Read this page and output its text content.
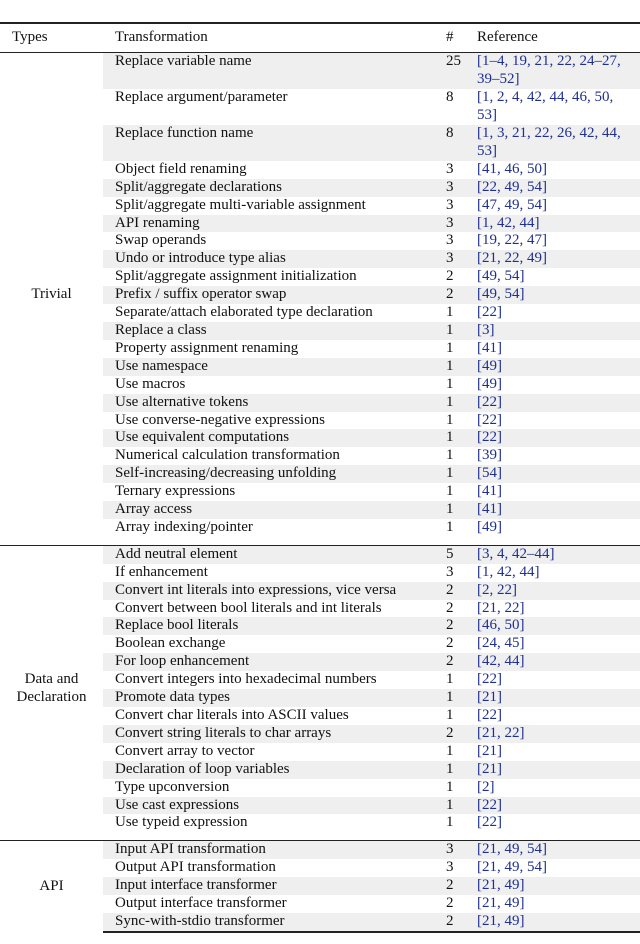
Types	Transformation	#	Reference
Trivial	Replace variable name	25	[1–4, 19, 21, 22, 24–27, 39–52]
	Replace argument/parameter	8	[1, 2, 4, 42, 44, 46, 50, 53]
	Replace function name	8	[1, 3, 21, 22, 26, 42, 44, 53]
	Object field renaming	3	[41, 46, 50]
	Split/aggregate declarations	3	[22, 49, 54]
	Split/aggregate multi-variable assignment	3	[47, 49, 54]
	API renaming	3	[1, 42, 44]
	Swap operands	3	[19, 22, 47]
	Undo or introduce type alias	3	[21, 22, 49]
	Split/aggregate assignment initialization	2	[49, 54]
	Prefix / suffix operator swap	2	[49, 54]
	Separate/attach elaborated type declaration	1	[22]
	Replace a class	1	[3]
	Property assignment renaming	1	[41]
	Use namespace	1	[49]
	Use macros	1	[49]
	Use alternative tokens	1	[22]
	Use converse-negative expressions	1	[22]
	Use equivalent computations	1	[22]
	Numerical calculation transformation	1	[39]
	Self-increasing/decreasing unfolding	1	[54]
	Ternary expressions	1	[41]
	Array access	1	[41]
	Array indexing/pointer	1	[49]

Data and Declaration	Add neutral element	5	[3, 4, 42–44]
	If enhancement	3	[1, 42, 44]
	Convert int literals into expressions, vice versa	2	[2, 22]
	Convert between bool literals and int literals	2	[21, 22]
	Replace bool literals	2	[46, 50]
	Boolean exchange	2	[24, 45]
	For loop enhancement	2	[42, 44]
	Convert integers into hexadecimal numbers	1	[22]
	Promote data types	1	[21]
	Convert char literals into ASCII values	1	[22]
	Convert string literals to char arrays	2	[21, 22]
	Convert array to vector	1	[21]
	Declaration of loop variables	1	[21]
	Type upconversion	1	[2]
	Use cast expressions	1	[22]
	Use typeid expression	1	[22]

API	Input API transformation	3	[21, 49, 54]
	Output API transformation	3	[21, 49, 54]
	Input interface transformer	2	[21, 49]
	Output interface transformer	2	[21, 49]
	Sync-with-stdio transformer	2	[21, 49]
